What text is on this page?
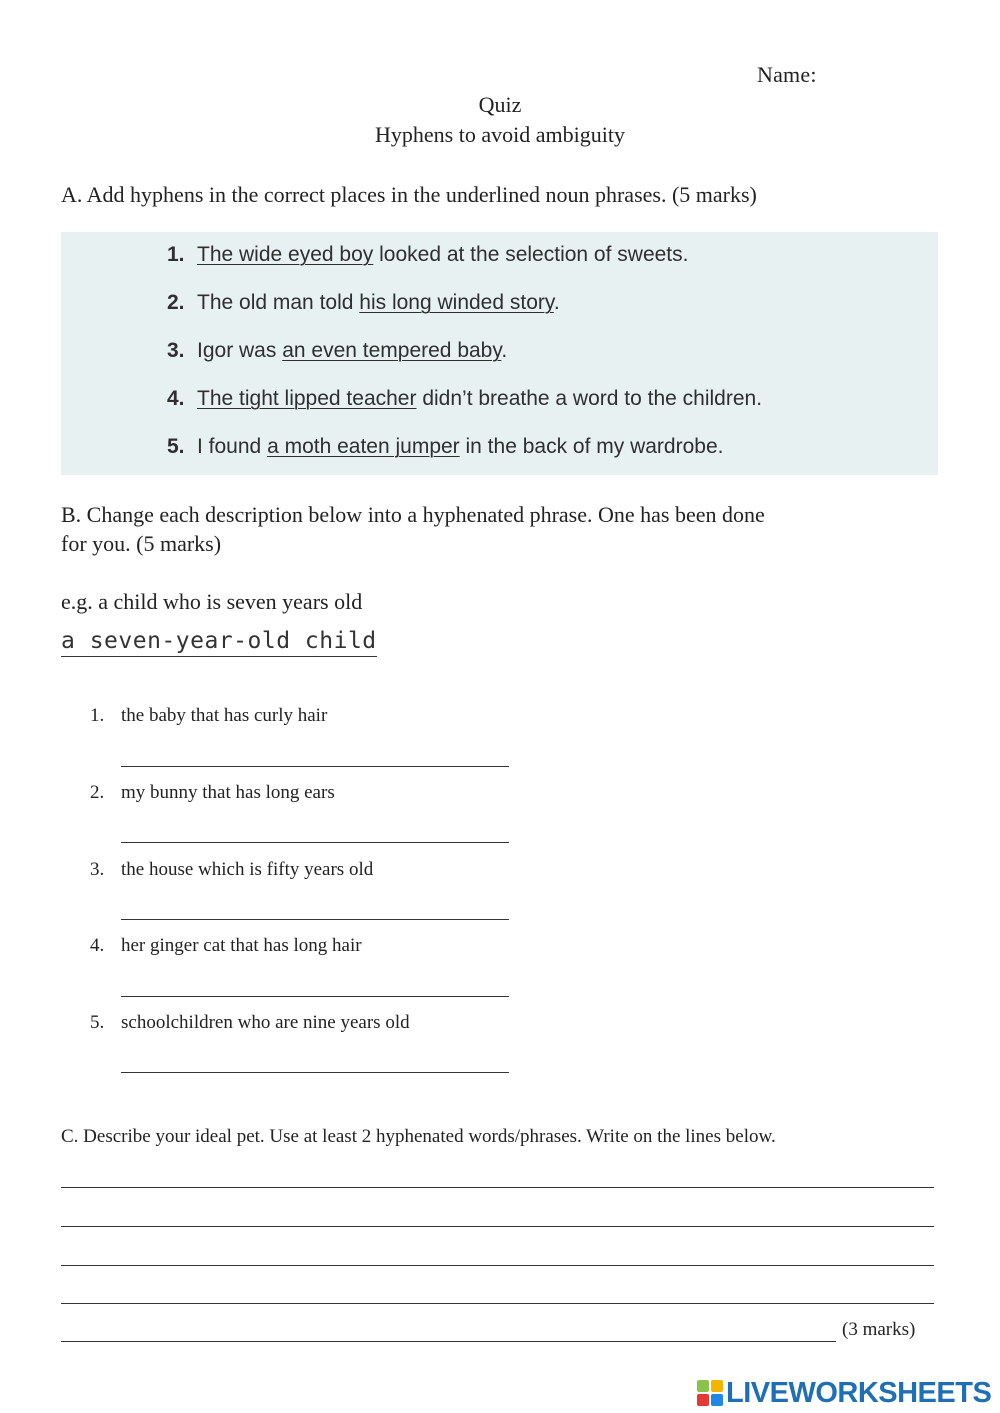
Name:
Quiz
Hyphens to avoid ambiguity
A. Add hyphens in the correct places in the underlined noun phrases. (5 marks)
1. The wide eyed boy looked at the selection of sweets.
2. The old man told his long winded story.
3. Igor was an even tempered baby.
4. The tight lipped teacher didn’t breathe a word to the children.
5. I found a moth eaten jumper in the back of my wardrobe.
B. Change each description below into a hyphenated phrase. One has been done
for you. (5 marks)
e.g. a child who is seven years old
a seven-year-old child
1. the baby that has curly hair
2. my bunny that has long ears
3. the house which is fifty years old
4. her ginger cat that has long hair
5. schoolchildren who are nine years old
C. Describe your ideal pet. Use at least 2 hyphenated words/phrases. Write on the lines below.
(3 marks)
LIVEWORKSHEETS
